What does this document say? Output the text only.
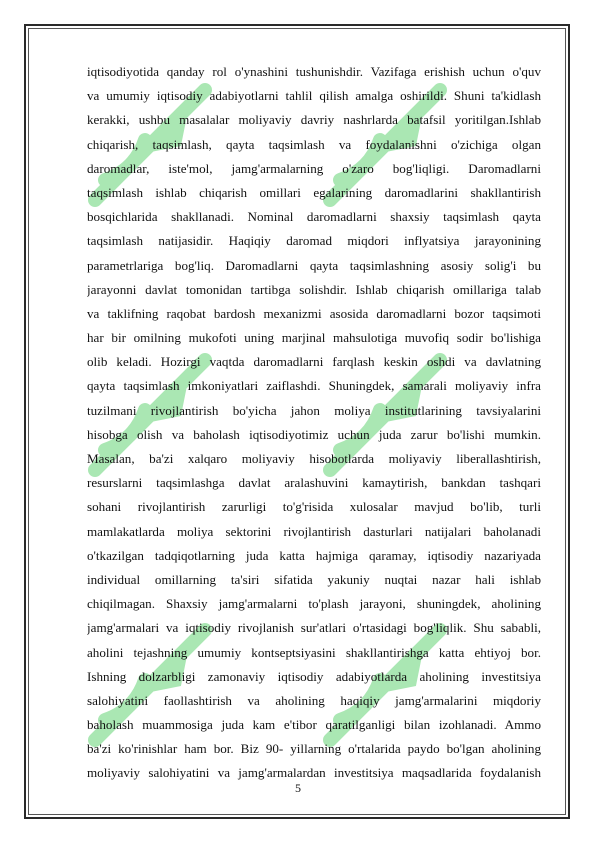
iqtisodiyotida qanday rol o'ynashini tushunishdir. Vazifaga erishish uchun o'quv
va umumiy iqtisodiy adabiyotlarni tahlil qilish amalga oshirildi. Shuni ta'kidlash
kerakki, ushbu masalalar moliyaviy davriy nashrlarda batafsil yoritilgan.Ishlab
chiqarish, taqsimlash, qayta taqsimlash va foydalanishni o'zichiga olgan
daromadlar, iste'mol, jamg'armalarning o'zaro bog'liqligi. Daromadlarni
taqsimlash ishlab chiqarish omillari egalarining daromadlarini shakllantirish
bosqichlarida shakllanadi. Nominal daromadlarni shaxsiy taqsimlash qayta
taqsimlash natijasidir. Haqiqiy daromad miqdori inflyatsiya jarayonining
parametrlariga bog'liq. Daromadlarni qayta taqsimlashning asosiy solig'i bu
jarayonni davlat tomonidan tartibga solishdir. Ishlab chiqarish omillariga talab
va taklifning raqobat bardosh mexanizmi asosida daromadlarni bozor taqsimoti
har bir omilning mukofoti uning marjinal mahsulotiga muvofiq sodir bo'lishiga
olib keladi. Hozirgi vaqtda daromadlarni farqlash keskin oshdi va davlatning
qayta taqsimlash imkoniyatlari zaiflashdi. Shuningdek, samarali moliyaviy infra
tuzilmani rivojlantirish bo'yicha jahon moliya institutlarining tavsiyalarini
hisobga olish va baholash iqtisodiyotimiz uchun juda zarur bo'lishi mumkin.
Masalan, ba'zi xalqaro moliyaviy hisobotlarda moliyaviy liberallashtirish,
resurslarni taqsimlashga davlat aralashuvini kamaytirish, bankdan tashqari
sohani rivojlantirish zarurligi to'g'risida xulosalar mavjud bo'lib, turli
mamlakatlarda moliya sektorini rivojlantirish dasturlari natijalari baholanadi
o'tkazilgan tadqiqotlarning juda katta hajmiga qaramay, iqtisodiy nazariyada
individual omillarning ta'siri sifatida yakuniy nuqtai nazar hali ishlab
chiqilmagan. Shaxsiy jamg'armalarni to'plash jarayoni, shuningdek, aholining
jamg'armalari va iqtisodiy rivojlanish sur'atlari o'rtasidagi bog'liqlik. Shu sababli,
aholini tejashning umumiy kontseptsiyasini shakllantirishga katta ehtiyoj bor.
Ishning dolzarbligi zamonaviy iqtisodiy adabiyotlarda aholining investitsiya
salohiyatini faollashtirish va aholining haqiqiy jamg'armalarini miqdoriy
baholash muammosiga juda kam e'tibor qaratilganligi bilan izohlanadi. Ammo
ba'zi ko'rinishlar ham bor. Biz 90- yillarning o'rtalarida paydo bo'lgan aholining
moliyaviy salohiyatini va jamg'armalardan investitsiya maqsadlarida foydalanish
5
